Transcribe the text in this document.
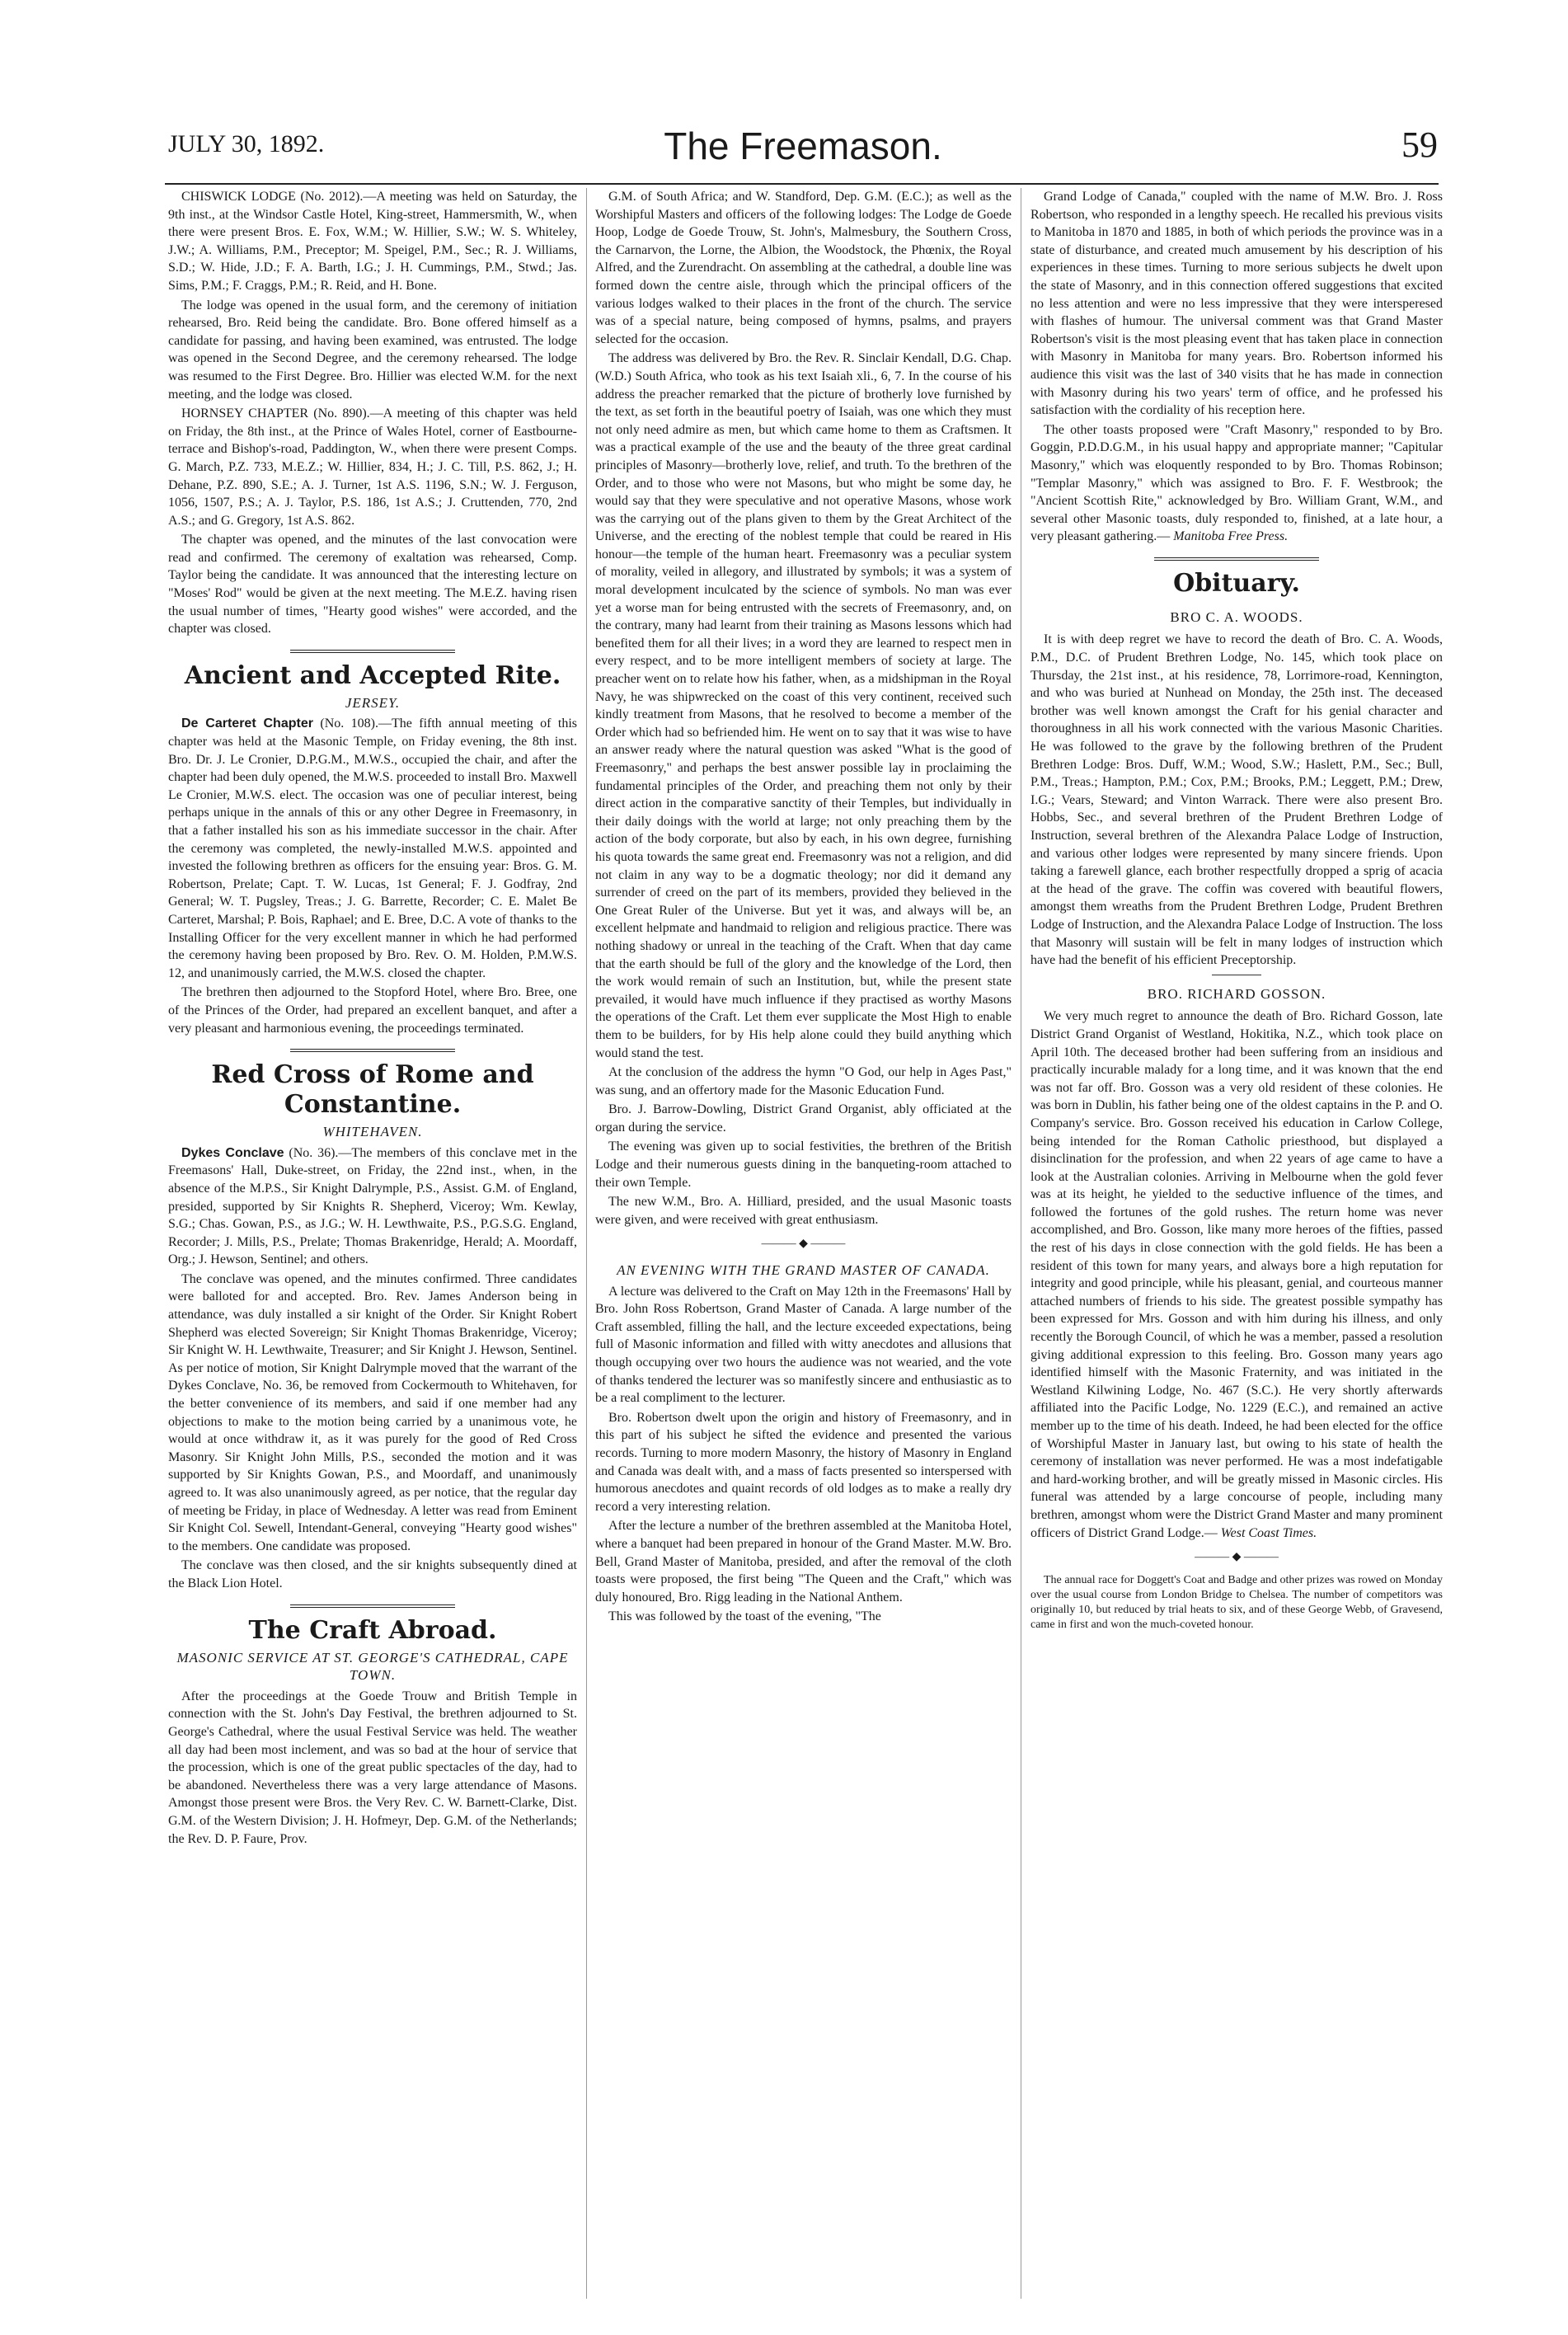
JULY 30, 1892.	The Freemason.	59

CHISWICK LODGE (No. 2012).—A meeting was held on Saturday, the 9th inst., at the Windsor Castle Hotel, King-street, Hammersmith, W., when there were present Bros. E. Fox, W.M.; W. Hillier, S.W.; W. S. Whiteley, J.W.; A. Williams, P.M., Preceptor; M. Speigel, P.M., Sec.; R. J. Williams, S.D.; W. Hide, J.D.; F. A. Barth, I.G.; J. H. Cummings, P.M., Stwd.; Jas. Sims, P.M.; F. Craggs, P.M.; R. Reid, and H. Bone.

The lodge was opened in the usual form, and the ceremony of initiation rehearsed, Bro. Reid being the candidate. Bro. Bone offered himself as a candidate for passing, and having been examined, was entrusted. The lodge was opened in the Second Degree, and the ceremony rehearsed. The lodge was resumed to the First Degree. Bro. Hillier was elected W.M. for the next meeting, and the lodge was closed.

HORNSEY CHAPTER (No. 890).—A meeting of this chapter was held on Friday, the 8th inst., at the Prince of Wales Hotel, corner of Eastbourne-terrace and Bishop's-road, Paddington, W., when there were present Comps. G. March, P.Z. 733, M.E.Z.; W. Hillier, 834, H.; J. C. Till, P.S. 862, J.; H. Dehane, P.Z. 890, S.E.; A. J. Turner, 1st A.S. 1196, S.N.; W. J. Ferguson, 1056, 1507, P.S.; A. J. Taylor, P.S. 186, 1st A.S.; J. Cruttenden, 770, 2nd A.S.; and G. Gregory, 1st A.S. 862.

The chapter was opened, and the minutes of the last convocation were read and confirmed. The ceremony of exaltation was rehearsed, Comp. Taylor being the candidate. It was announced that the interesting lecture on "Moses' Rod" would be given at the next meeting. The M.E.Z. having risen the usual number of times, "Hearty good wishes" were accorded, and the chapter was closed.

Ancient and Accepted Rite.
JERSEY.

De Carteret Chapter (No. 108).—The fifth annual meeting of this chapter was held at the Masonic Temple, on Friday evening, the 8th inst. Bro. Dr. J. Le Cronier, D.P.G.M., M.W.S., occupied the chair, and after the chapter had been duly opened, the M.W.S. proceeded to install Bro. Maxwell Le Cronier, M.W.S. elect. The occasion was one of peculiar interest, being perhaps unique in the annals of this or any other Degree in Freemasonry, in that a father installed his son as his immediate successor in the chair. After the ceremony was completed, the newly-installed M.W.S. appointed and invested the following brethren as officers for the ensuing year: Bros. G. M. Robertson, Prelate; Capt. T. W. Lucas, 1st General; F. J. Godfray, 2nd General; W. T. Pugsley, Treas.; J. G. Barrette, Recorder; C. E. Malet Be Carteret, Marshal; P. Bois, Raphael; and E. Bree, D.C. A vote of thanks to the Installing Officer for the very excellent manner in which he had performed the ceremony having been proposed by Bro. Rev. O. M. Holden, P.M.W.S. 12, and unanimously carried, the M.W.S. closed the chapter.

The brethren then adjourned to the Stopford Hotel, where Bro. Bree, one of the Princes of the Order, had prepared an excellent banquet, and after a very pleasant and harmonious evening, the proceedings terminated.

Red Cross of Rome and Constantine.
WHITEHAVEN.

Dykes Conclave (No. 36).—The members of this conclave met in the Freemasons' Hall, Duke-street, on Friday, the 22nd inst., when, in the absence of the M.P.S., Sir Knight Dalrymple, P.S., Assist. G.M. of England, presided, supported by Sir Knights R. Shepherd, Viceroy; Wm. Kewlay, S.G.; Chas. Gowan, P.S., as J.G.; W. H. Lewthwaite, P.S., P.G.S.G. England, Recorder; J. Mills, P.S., Prelate; Thomas Brakenridge, Herald; A. Moordaff, Org.; J. Hewson, Sentinel; and others.

The conclave was opened, and the minutes confirmed. Three candidates were balloted for and accepted. Bro. Rev. James Anderson being in attendance, was duly installed a sir knight of the Order. Sir Knight Robert Shepherd was elected Sovereign; Sir Knight Thomas Brakenridge, Viceroy; Sir Knight W. H. Lewthwaite, Treasurer; and Sir Knight J. Hewson, Sentinel. As per notice of motion, Sir Knight Dalrymple moved that the warrant of the Dykes Conclave, No. 36, be removed from Cockermouth to Whitehaven, for the better convenience of its members, and said if one member had any objections to make to the motion being carried by a unanimous vote, he would at once withdraw it, as it was purely for the good of Red Cross Masonry. Sir Knight John Mills, P.S., seconded the motion and it was supported by Sir Knights Gowan, P.S., and Moordaff, and unanimously agreed to. It was also unanimously agreed, as per notice, that the regular day of meeting be Friday, in place of Wednesday. A letter was read from Eminent Sir Knight Col. Sewell, Intendant-General, conveying "Hearty good wishes" to the members. One candidate was proposed.

The conclave was then closed, and the sir knights subsequently dined at the Black Lion Hotel.

The Craft Abroad.
MASONIC SERVICE AT ST. GEORGE'S CATHEDRAL, CAPE TOWN.

After the proceedings at the Goede Trouw and British Temple in connection with the St. John's Day Festival, the brethren adjourned to St. George's Cathedral, where the usual Festival Service was held. The weather all day had been most inclement, and was so bad at the hour of service that the procession, which is one of the great public spectacles of the day, had to be abandoned. Nevertheless there was a very large attendance of Masons. Amongst those present were Bros. the Very Rev. C. W. Barnett-Clarke, Dist. G.M. of the Western Division; J. H. Hofmeyr, Dep. G.M. of the Netherlands; the Rev. D. P. Faure, Prov.

G.M. of South Africa; and W. Standford, Dep. G.M. (E.C.); as well as the Worshipful Masters and officers of the following lodges: The Lodge de Goede Hoop, Lodge de Goede Trouw, St. John's, Malmesbury, the Southern Cross, the Carnarvon, the Lorne, the Albion, the Woodstock, the Phœnix, the Royal Alfred, and the Zurendracht. On assembling at the cathedral, a double line was formed down the centre aisle, through which the principal officers of the various lodges walked to their places in the front of the church. The service was of a special nature, being composed of hymns, psalms, and prayers selected for the occasion.

The address was delivered by Bro. the Rev. R. Sinclair Kendall, D.G. Chap. (W.D.) South Africa, who took as his text Isaiah xli., 6, 7. In the course of his address the preacher remarked that the picture of brotherly love furnished by the text, as set forth in the beautiful poetry of Isaiah, was one which they must not only need admire as men, but which came home to them as Craftsmen. It was a practical example of the use and the beauty of the three great cardinal principles of Masonry—brotherly love, relief, and truth. To the brethren of the Order, and to those who were not Masons, but who might be some day, he would say that they were speculative and not operative Masons, whose work was the carrying out of the plans given to them by the Great Architect of the Universe, and the erecting of the noblest temple that could be reared in His honour—the temple of the human heart. Freemasonry was a peculiar system of morality, veiled in allegory, and illustrated by symbols; it was a system of moral development inculcated by the science of symbols. No man was ever yet a worse man for being entrusted with the secrets of Freemasonry, and, on the contrary, many had learnt from their training as Masons lessons which had benefited them for all their lives; in a word they are learned to respect men in every respect, and to be more intelligent members of society at large. The preacher went on to relate how his father, when, as a midshipman in the Royal Navy, he was shipwrecked on the coast of this very continent, received such kindly treatment from Masons, that he resolved to become a member of the Order which had so befriended him. He went on to say that it was wise to have an answer ready where the natural question was asked "What is the good of Freemasonry," and perhaps the best answer possible lay in proclaiming the fundamental principles of the Order, and preaching them not only by their direct action in the comparative sanctity of their Temples, but individually in their daily doings with the world at large; not only preaching them by the action of the body corporate, but also by each, in his own degree, furnishing his quota towards the same great end. Freemasonry was not a religion, and did not claim in any way to be a dogmatic theology; nor did it demand any surrender of creed on the part of its members, provided they believed in the One Great Ruler of the Universe. But yet it was, and always will be, an excellent helpmate and handmaid to religion and religious practice. There was nothing shadowy or unreal in the teaching of the Craft. When that day came that the earth should be full of the glory and the knowledge of the Lord, then the work would remain of such an Institution, but, while the present state prevailed, it would have much influence if they practised as worthy Masons the operations of the Craft. Let them ever supplicate the Most High to enable them to be builders, for by His help alone could they build anything which would stand the test.

At the conclusion of the address the hymn "O God, our help in Ages Past," was sung, and an offertory made for the Masonic Education Fund.

Bro. J. Barrow-Dowling, District Grand Organist, ably officiated at the organ during the service.

The evening was given up to social festivities, the brethren of the British Lodge and their numerous guests dining in the banqueting-room attached to their own Temple.

The new W.M., Bro. A. Hilliard, presided, and the usual Masonic toasts were given, and were received with great enthusiasm.

——— ◆ ———
AN EVENING WITH THE GRAND MASTER OF CANADA.

A lecture was delivered to the Craft on May 12th in the Freemasons' Hall by Bro. John Ross Robertson, Grand Master of Canada. A large number of the Craft assembled, filling the hall, and the lecture exceeded expectations, being full of Masonic information and filled with witty anecdotes and allusions that though occupying over two hours the audience was not wearied, and the vote of thanks tendered the lecturer was so manifestly sincere and enthusiastic as to be a real compliment to the lecturer.

Bro. Robertson dwelt upon the origin and history of Freemasonry, and in this part of his subject he sifted the evidence and presented the various records. Turning to more modern Masonry, the history of Masonry in England and Canada was dealt with, and a mass of facts presented so interspersed with humorous anecdotes and quaint records of old lodges as to make a really dry record a very interesting relation.

After the lecture a number of the brethren assembled at the Manitoba Hotel, where a banquet had been prepared in honour of the Grand Master. M.W. Bro. Bell, Grand Master of Manitoba, presided, and after the removal of the cloth toasts were proposed, the first being "The Queen and the Craft," which was duly honoured, Bro. Rigg leading in the National Anthem.

This was followed by the toast of the evening, "The

Grand Lodge of Canada," coupled with the name of M.W. Bro. J. Ross Robertson, who responded in a lengthy speech. He recalled his previous visits to Manitoba in 1870 and 1885, in both of which periods the province was in a state of disturbance, and created much amusement by his description of his experiences in these times. Turning to more serious subjects he dwelt upon the state of Masonry, and in this connection offered suggestions that excited no less attention and were no less impressive that they were intersperesed with flashes of humour. The universal comment was that Grand Master Robertson's visit is the most pleasing event that has taken place in connection with Masonry in Manitoba for many years. Bro. Robertson informed his audience this visit was the last of 340 visits that he has made in connection with Masonry during his two years' term of office, and he professed his satisfaction with the cordiality of his reception here.

The other toasts proposed were "Craft Masonry," responded to by Bro. Goggin, P.D.D.G.M., in his usual happy and appropriate manner; "Capitular Masonry," which was eloquently responded to by Bro. Thomas Robinson; "Templar Masonry," which was assigned to Bro. F. F. Westbrook; the "Ancient Scottish Rite," acknowledged by Bro. William Grant, W.M., and several other Masonic toasts, duly responded to, finished, at a late hour, a very pleasant gathering.— Manitoba Free Press.

Obituary.
BRO C. A. WOODS.

It is with deep regret we have to record the death of Bro. C. A. Woods, P.M., D.C. of Prudent Brethren Lodge, No. 145, which took place on Thursday, the 21st inst., at his residence, 78, Lorrimore-road, Kennington, and who was buried at Nunhead on Monday, the 25th inst. The deceased brother was well known amongst the Craft for his genial character and thoroughness in all his work connected with the various Masonic Charities. He was followed to the grave by the following brethren of the Prudent Brethren Lodge: Bros. Duff, W.M.; Wood, S.W.; Haslett, P.M., Sec.; Bull, P.M., Treas.; Hampton, P.M.; Cox, P.M.; Brooks, P.M.; Leggett, P.M.; Drew, I.G.; Vears, Steward; and Vinton Warrack. There were also present Bro. Hobbs, Sec., and several brethren of the Prudent Brethren Lodge of Instruction, several brethren of the Alexandra Palace Lodge of Instruction, and various other lodges were represented by many sincere friends. Upon taking a farewell glance, each brother respectfully dropped a sprig of acacia at the head of the grave. The coffin was covered with beautiful flowers, amongst them wreaths from the Prudent Brethren Lodge, Prudent Brethren Lodge of Instruction, and the Alexandra Palace Lodge of Instruction. The loss that Masonry will sustain will be felt in many lodges of instruction which have had the benefit of his efficient Preceptorship.

BRO. RICHARD GOSSON.

We very much regret to announce the death of Bro. Richard Gosson, late District Grand Organist of Westland, Hokitika, N.Z., which took place on April 10th. The deceased brother had been suffering from an insidious and practically incurable malady for a long time, and it was known that the end was not far off. Bro. Gosson was a very old resident of these colonies. He was born in Dublin, his father being one of the oldest captains in the P. and O. Company's service. Bro. Gosson received his education in Carlow College, being intended for the Roman Catholic priesthood, but displayed a disinclination for the profession, and when 22 years of age came to have a look at the Australian colonies. Arriving in Melbourne when the gold fever was at its height, he yielded to the seductive influence of the times, and followed the fortunes of the gold rushes. The return home was never accomplished, and Bro. Gosson, like many more heroes of the fifties, passed the rest of his days in close connection with the gold fields. He has been a resident of this town for many years, and always bore a high reputation for integrity and good principle, while his pleasant, genial, and courteous manner attached numbers of friends to his side. The greatest possible sympathy has been expressed for Mrs. Gosson and with him during his illness, and only recently the Borough Council, of which he was a member, passed a resolution giving additional expression to this feeling. Bro. Gosson many years ago identified himself with the Masonic Fraternity, and was initiated in the Westland Kilwining Lodge, No. 467 (S.C.). He very shortly afterwards affiliated into the Pacific Lodge, No. 1229 (E.C.), and remained an active member up to the time of his death. Indeed, he had been elected for the office of Worshipful Master in January last, but owing to his state of health the ceremony of installation was never performed. He was a most indefatigable and hard-working brother, and will be greatly missed in Masonic circles. His funeral was attended by a large concourse of people, including many brethren, amongst whom were the District Grand Master and many prominent officers of District Grand Lodge.— West Coast Times.

——— ◆ ———

The annual race for Doggett's Coat and Badge and other prizes was rowed on Monday over the usual course from London Bridge to Chelsea. The number of competitors was originally 10, but reduced by trial heats to six, and of these George Webb, of Gravesend, came in first and won the much-coveted honour.
